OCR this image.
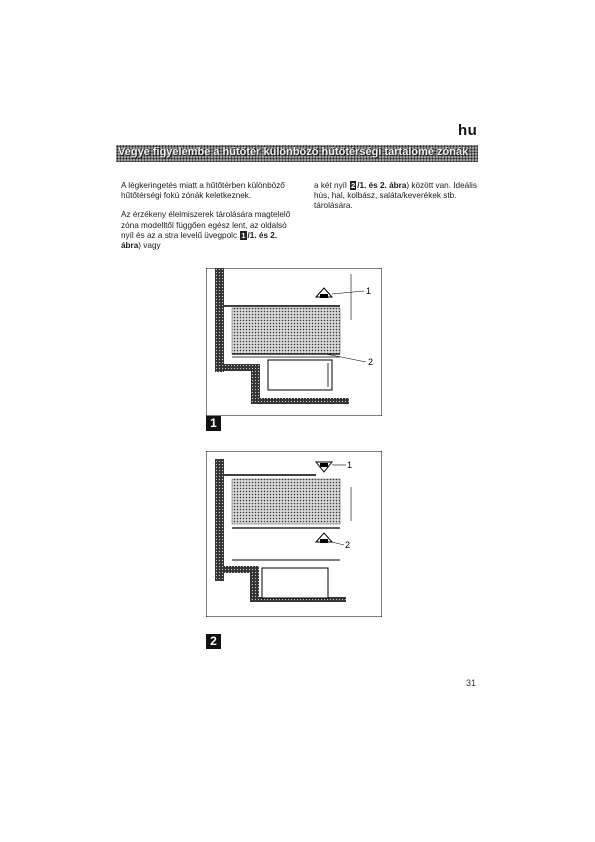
hu
Vegye figyelembe a hűtőtér különböző hűtőtérségi tartalomé zónák

A légkeringetés miatt a hűtőtérben különböző hűtőtérségi fokú zónák keletkeznek.

Az érzékeny élelmiszerek tárolására magtelelő zóna modelltől függően egész lent, az oldalsó nyíl és az a stra levelű üvegpolc 1 /1. és 2. ábra) vagy

a két nyíl 2 /1. és 2. ábra) között van. Ideális hús, hal, kolbász, saláta/keverékek stb. tárolására.

1
2
1
1
2
2
31
